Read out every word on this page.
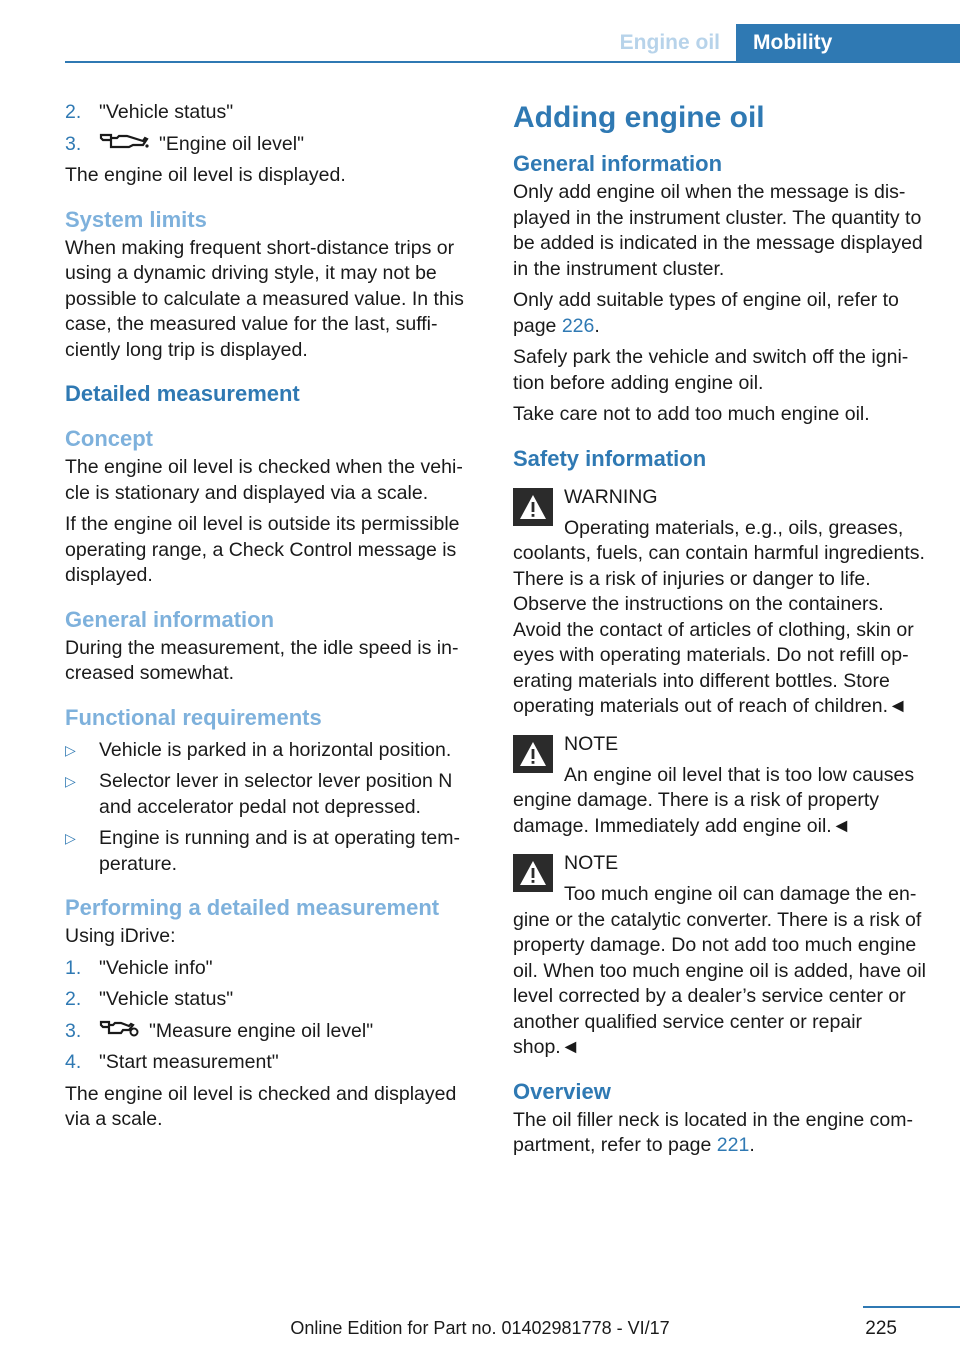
Engine oil	Mobility
2. "Vehicle status"
3.	"Engine oil level"

The engine oil level is displayed.

System limits

When making frequent short-distance trips or using a dynamic driving style, it may not be possible to calculate a measured value. In this case, the measured value for the last, sufficiently long trip is displayed.

Detailed measurement
Concept

The engine oil level is checked when the vehicle is stationary and displayed via a scale.

If the engine oil level is outside its permissible operating range, a Check Control message is displayed.

General information

During the measurement, the idle speed is increased somewhat.

Functional requirements
▷ Vehicle is parked in a horizontal position.
▷ Selector lever in selector lever position N and accelerator pedal not depressed.
▷ Engine is running and is at operating temperature.
Performing a detailed measurement

Using iDrive:

1. "Vehicle info"
2. "Vehicle status"
3.	"Measure engine oil level"
4. "Start measurement"

The engine oil level is checked and displayed via a scale.

Adding engine oil
General information

Only add engine oil when the message is displayed in the instrument cluster. The quantity to be added is indicated in the message displayed in the instrument cluster.

Only add suitable types of engine oil, refer to page 226.

Safely park the vehicle and switch off the ignition before adding engine oil.

Take care not to add too much engine oil.

Safety information
WARNING

Operating materials, e.g., oils, greases, coolants, fuels, can contain harmful ingredients. There is a risk of injuries or danger to life. Observe the instructions on the containers. Avoid the contact of articles of clothing, skin or eyes with operating materials. Do not refill operating materials into different bottles. Store operating materials out of reach of children.◄

NOTE

An engine oil level that is too low causes engine damage. There is a risk of property damage. Immediately add engine oil.◄

NOTE

Too much engine oil can damage the engine or the catalytic converter. There is a risk of property damage. Do not add too much engine oil. When too much engine oil is added, have oil level corrected by a dealer’s service center or another qualified service center or repair shop.◄

Overview

The oil filler neck is located in the engine compartment, refer to page 221.

225
Online Edition for Part no. 01402981778 - VI/17
